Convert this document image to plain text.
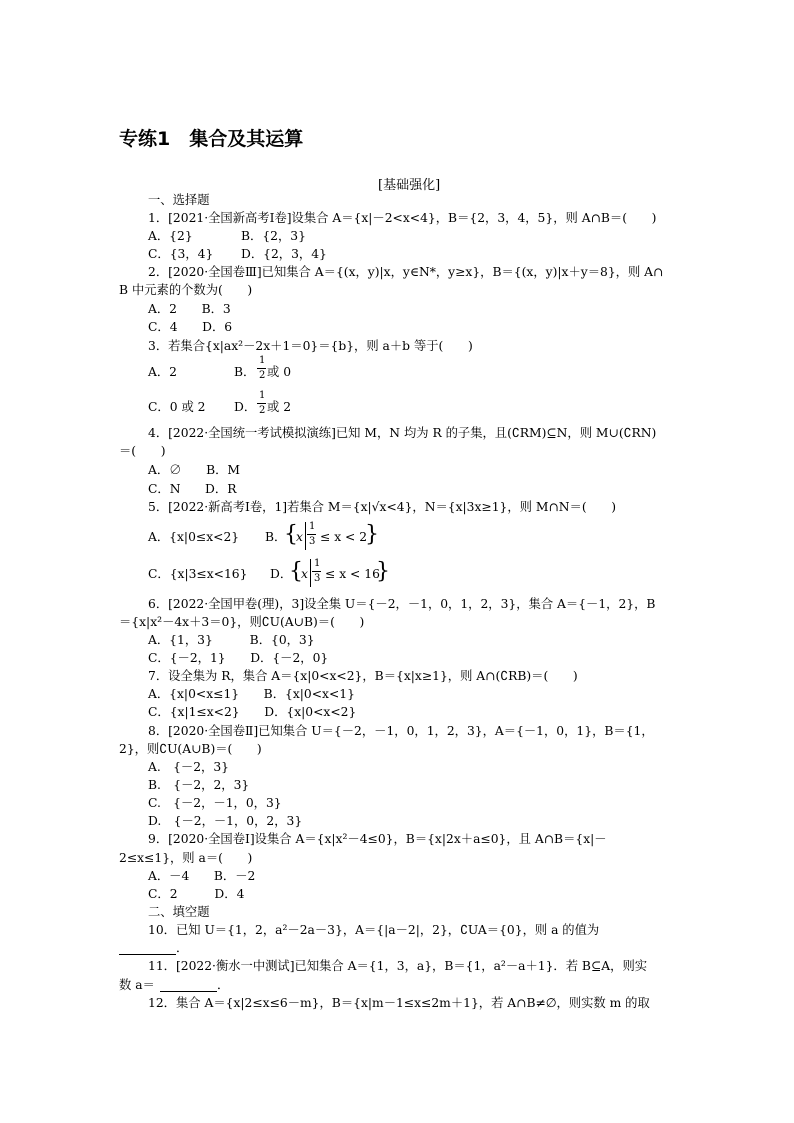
专练1　集合及其运算
[基础强化]
一、选择题
1．[2021·全国新高考Ⅰ卷]设集合 A＝{x|－2<x<4}，B＝{2，3，4，5}，则 A∩B＝(　　)
A．{2}	B．{2，3}
C．{3，4} D．{2，3，4}
2．[2020·全国卷Ⅲ]已知集合 A＝{(x，y)|x，y∈N*，y≥x}，B＝{(x，y)|x＋y＝8}，则 A∩
B 中元素的个数为(　　)
A．2　　B．3
C．4　　D．6
3．若集合{x|ax²－2x＋1＝0}＝{b}，则 a＋b 等于(　　)
A．2	B．
1
2 或 0
C．0 或 2 D．
1
2 或 2
4．[2022·全国统一考试模拟演练]已知 M，N 均为 R 的子集，且(∁RM)⊆N，则 M∪(∁RN)
＝(　　)
A．∅　　B．M
C．N　　D．R
5．[2022·新高考Ⅰ卷，1]若集合 M＝{x|√x<4}，N＝{x|3x≥1}，则 M∩N＝(　　)
A．{x|0≤x<2} B．
{
x
1
3 ≤ x < 2
}
C．{x|3≤x<16} D．
{
x
1
3 ≤ x < 16
}
6．[2022·全国甲卷(理)，3]设全集 U＝{－2，－1，0，1，2，3}，集合 A＝{－1，2}，B
＝{x|x²－4x＋3＝0}，则∁U(A∪B)＝(　　)
A．{1，3}　　　B．{0，3}
C．{－2，1}　　D．{－2，0}
7．设全集为 R，集合 A＝{x|0<x<2}，B＝{x|x≥1}，则 A∩(∁RB)＝(　　)
A．{x|0<x≤1}　　B．{x|0<x<1}
C．{x|1≤x<2}　　D．{x|0<x<2}
8．[2020·全国卷Ⅱ]已知集合 U＝{－2，－1，0，1，2，3}，A＝{－1，0，1}，B＝{1，
2}，则∁U(A∪B)＝(　　)
A.　{－2，3}
B.　{－2，2，3}
C.　{－2，－1，0，3}
D.　{－2，－1，0，2，3}
9．[2020·全国卷Ⅰ]设集合 A＝{x|x²－4≤0}，B＝{x|2x＋a≤0}，且 A∩B＝{x|－
2≤x≤1}，则 a＝(　　)
A．－4　　B．－2
C．2　　　D．4
二、填空题
10．已知 U＝{1，2，a²－2a－3}，A＝{|a－2|，2}，∁UA＝{0}，则 a 的值为
．
11．[2022·衡水一中测试]已知集合 A＝{1，3，a}，B＝{1，a²－a＋1}．若 B⊆A，则实
数 a＝	．
12．集合 A＝{x|2≤x≤6－m}，B＝{x|m－1≤x≤2m＋1}，若 A∩B≠∅，则实数 m 的取
